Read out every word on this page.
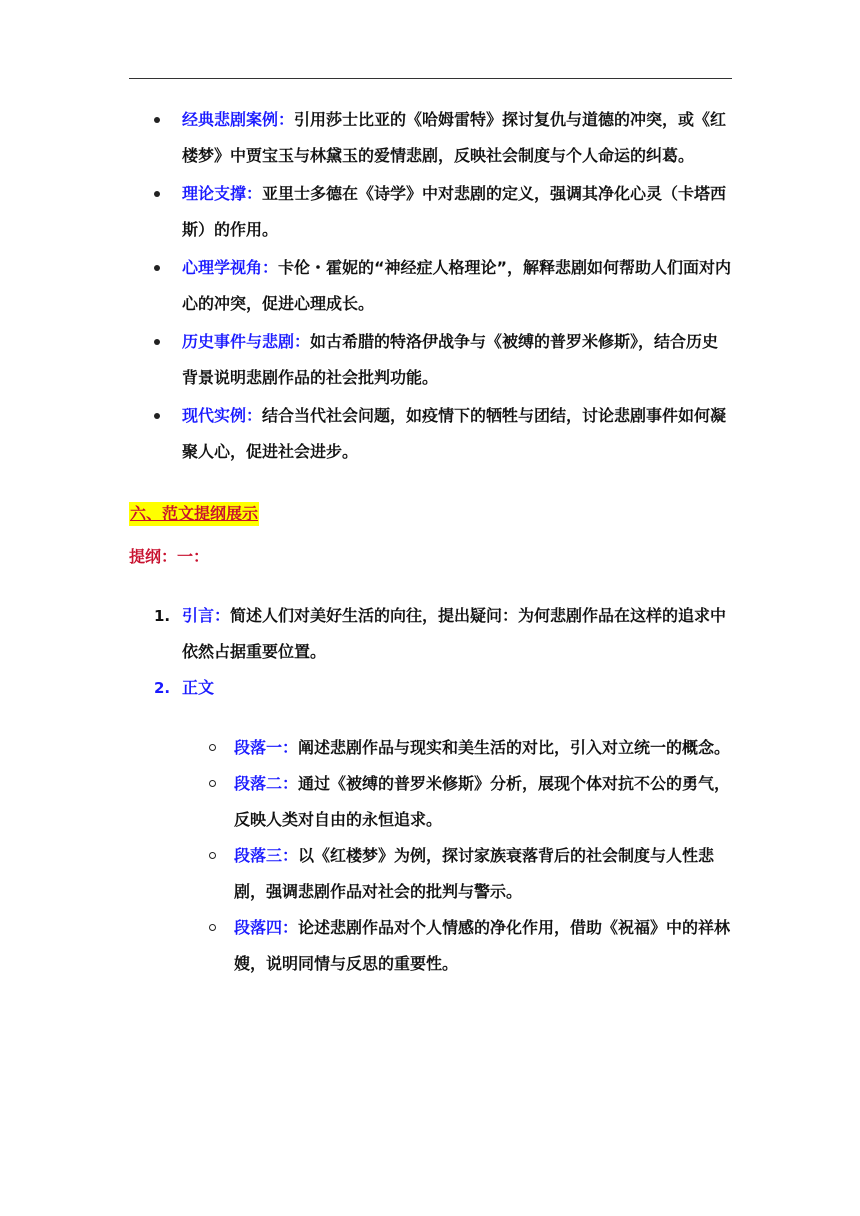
经典悲剧案例：引用莎士比亚的《哈姆雷特》探讨复仇与道德的冲突，或《红楼梦》中贾宝玉与林黛玉的爱情悲剧，反映社会制度与个人命运的纠葛。
理论支撑：亚里士多德在《诗学》中对悲剧的定义，强调其净化心灵（卡塔西斯）的作用。
心理学视角：卡伦・霍妮的“神经症人格理论”，解释悲剧如何帮助人们面对内心的冲突，促进心理成长。
历史事件与悲剧：如古希腊的特洛伊战争与《被缚的普罗米修斯》，结合历史背景说明悲剧作品的社会批判功能。
现代实例：结合当代社会问题，如疫情下的牺牲与团结，讨论悲剧事件如何凝聚人心，促进社会进步。
六、范文提纲展示
提纲：一：
1. 引言：简述人们对美好生活的向往，提出疑问：为何悲剧作品在这样的追求中依然占据重要位置。
2. 正文
段落一：阐述悲剧作品与现实和美生活的对比，引入对立统一的概念。
段落二：通过《被缚的普罗米修斯》分析，展现个体对抗不公的勇气，反映人类对自由的永恒追求。
段落三：以《红楼梦》为例，探讨家族衰落背后的社会制度与人性悲剧，强调悲剧作品对社会的批判与警示。
段落四：论述悲剧作品对个人情感的净化作用，借助《祝福》中的祥林嫂，说明同情与反思的重要性。
